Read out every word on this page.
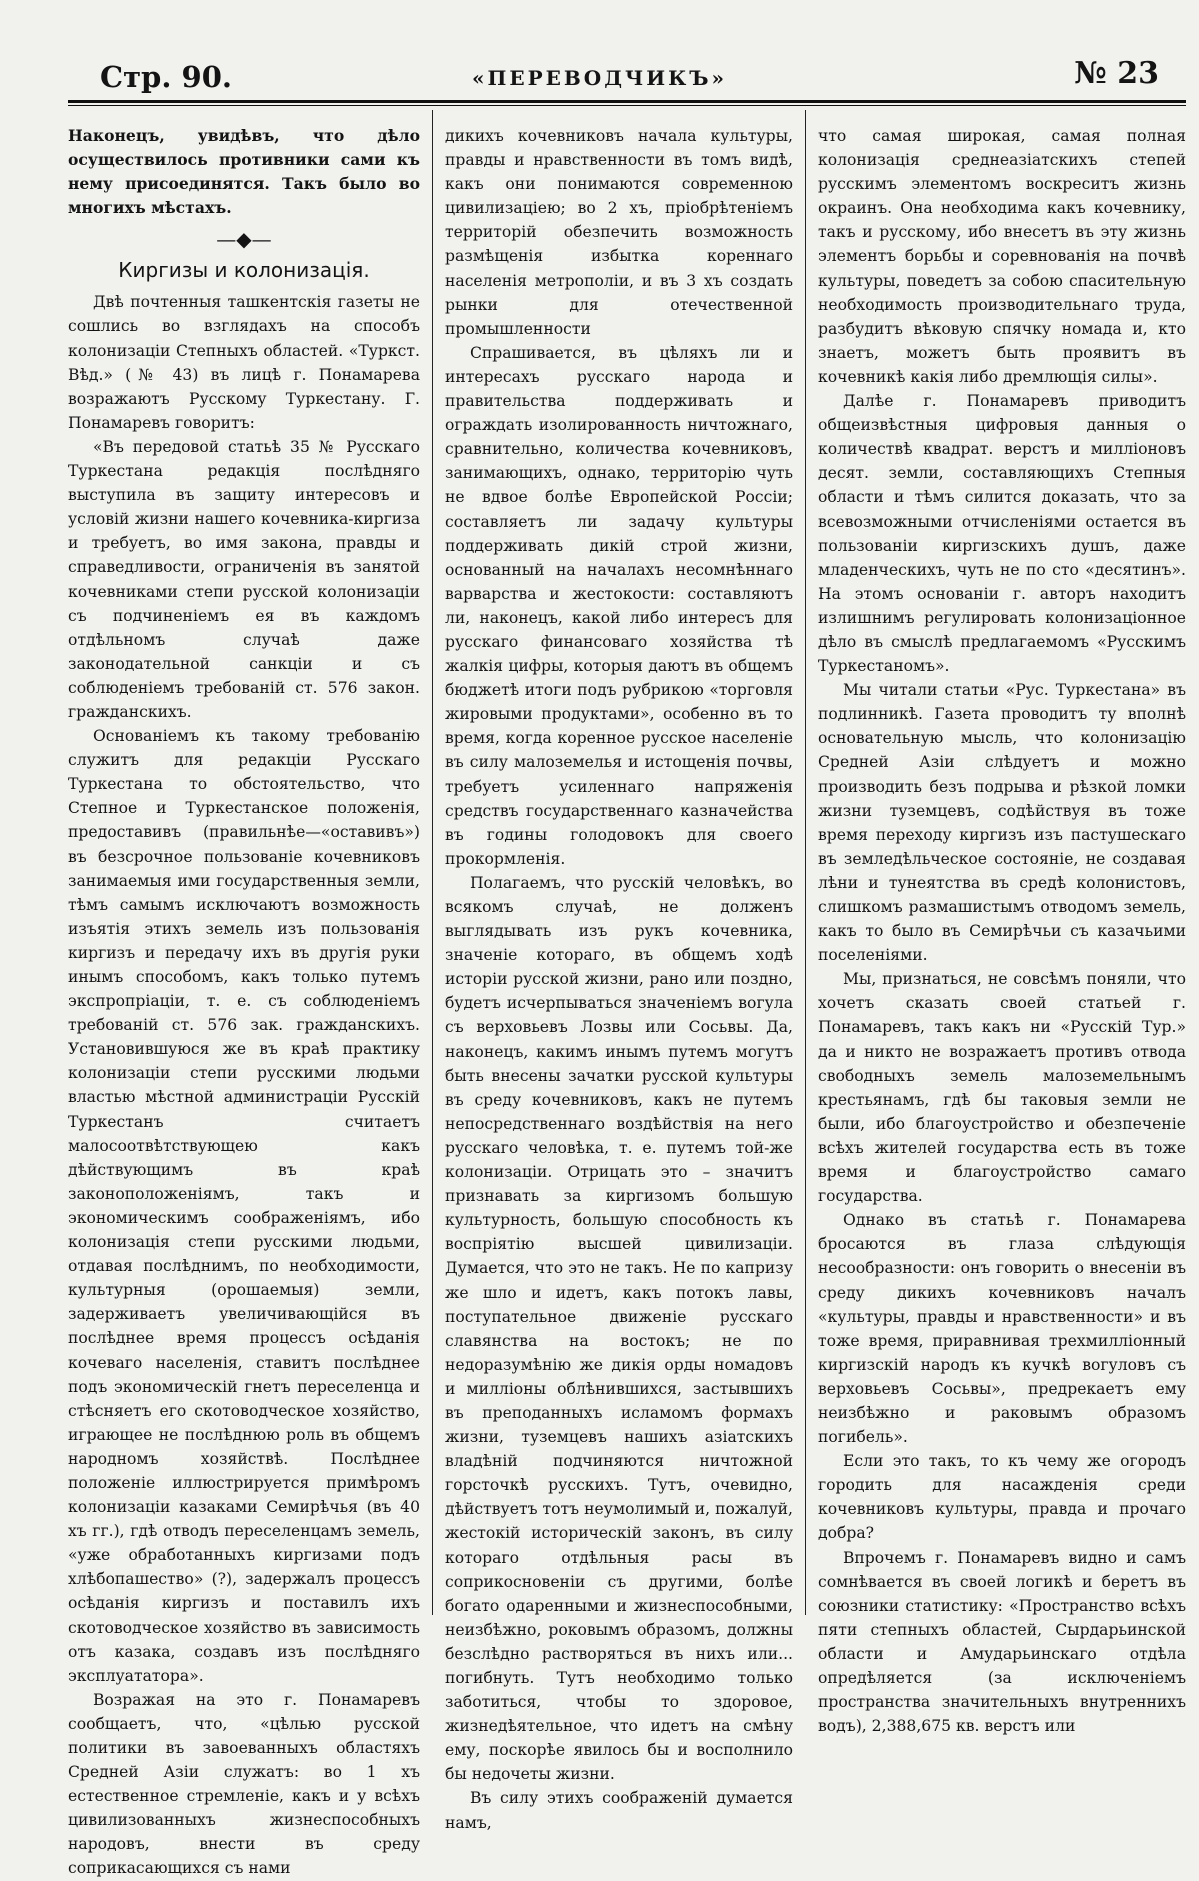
Стр. 90.	«ПЕРЕВОДЧИКЪ»	№ 23

Наконецъ, увидѣвъ, что дѣло осуществилось противники сами къ нему присоединятся. Такъ было во многихъ мѣстахъ.

—◆—
Киргизы и колонизація.

Двѣ почтенныя ташкентскія газеты не сошлись во взглядахъ на способъ колонизаціи Степныхъ областей. «Туркст. Вѣд.» (№ 43) въ лицѣ г. Понамарева возражаютъ Русскому Туркестану. Г. Понамаревъ говоритъ:

«Въ передовой статьѣ 35 № Русскаго Туркестана редакція послѣдняго выступила въ защиту интересовъ и условій жизни нашего кочевника-киргиза и требуетъ, во имя закона, правды и справедливости, ограниченія въ занятой кочевниками степи русской колонизаціи съ подчиненіемъ ея въ каждомъ отдѣльномъ случаѣ даже законодательной санкціи и съ соблюденіемъ требованій ст. 576 закон. гражданскихъ.

Основаніемъ къ такому требованію служитъ для редакціи Русскаго Туркестана то обстоятельство, что Степное и Туркестанское положенія, предоставивъ (правильнѣе—«оставивъ») въ безсрочное пользованіе кочевниковъ занимаемыя ими государственныя земли, тѣмъ самымъ исключаютъ возможность изъятія этихъ земель изъ пользованія киргизъ и передачу ихъ въ другія руки инымъ способомъ, какъ только путемъ экспропріаціи, т. е. съ соблюденіемъ требованій ст. 576 зак. гражданскихъ. Установившуюся же въ краѣ практику колонизаціи степи русскими людьми властью мѣстной администраціи Русскій Туркестанъ считаетъ малосоотвѣтствующею какъ дѣйствующимъ въ краѣ законоположеніямъ, такъ и экономическимъ соображеніямъ, ибо колонизація степи русскими людьми, отдавая послѣднимъ, по необходимости, культурныя (орошаемыя) земли, задерживаетъ увеличивающійся въ послѣднее время процессъ осѣданія кочеваго населенія, ставитъ послѣднее подъ экономическій гнетъ переселенца и стѣсняетъ его скотоводческое хозяйство, играющее не послѣднюю роль въ общемъ народномъ хозяйствѣ. Послѣднее положеніе иллюстрируется примѣромъ колонизаціи казаками Семирѣчья (въ 40 хъ гг.), гдѣ отводъ переселенцамъ земель, «уже обработанныхъ киргизами подъ хлѣбопашество» (?), задержалъ процессъ осѣданія киргизъ и поставилъ ихъ скотоводческое хозяйство въ зависимость отъ казака, создавъ изъ послѣдняго эксплуататора».

Возражая на это г. Понамаревъ сообщаетъ, что, «цѣлью русской политики въ завоеванныхъ областяхъ Средней Азіи служатъ: во 1 хъ естественное стремленіе, какъ и у всѣхъ цивилизованныхъ жизнеспособныхъ народовъ, внести въ среду соприкасающихся съ нами

дикихъ кочевниковъ начала культуры, правды и нравственности въ томъ видѣ, какъ они понимаются современною цивилизаціею; во 2 хъ, пріобрѣтеніемъ территорій обезпечить возможность размѣщенія избытка кореннаго населенія метрополіи, и въ 3 хъ создать рынки для отечественной промышленности

Спрашивается, въ цѣляхъ ли и интересахъ русскаго народа и правительства поддерживать и ограждать изолированность ничтожнаго, сравнительно, количества кочевниковъ, занимающихъ, однако, территорію чуть не вдвое болѣе Европейской Россіи; составляетъ ли задачу культуры поддерживать дикій строй жизни, основанный на началахъ несомнѣннаго варварства и жестокости: составляютъ ли, наконецъ, какой либо интересъ для русскаго финансоваго хозяйства тѣ жалкія цифры, которыя даютъ въ общемъ бюджетѣ итоги подъ рубрикою «торговля жировыми продуктами», особенно въ то время, когда коренное русское населеніе въ силу малоземелья и истощенія почвы, требуетъ усиленнаго напряженія средствъ государственнаго казначейства въ годины голодовокъ для своего прокормленія.

Полагаемъ, что русскій человѣкъ, во всякомъ случаѣ, не долженъ выглядывать изъ рукъ кочевника, значеніе котораго, въ общемъ ходѣ исторіи русской жизни, рано или поздно, будетъ исчерпываться значеніемъ вогула съ верховьевъ Лозвы или Сосьвы. Да, наконецъ, какимъ инымъ путемъ могутъ быть внесены зачатки русской культуры въ среду кочевниковъ, какъ не путемъ непосредственнаго воздѣйствія на него русскаго человѣка, т. е. путемъ той-же колонизаціи. Отрицать это – значитъ признавать за киргизомъ большую культурность, большую способность къ воспріятію высшей цивилизаціи. Думается, что это не такъ. Не по капризу же шло и идетъ, какъ потокъ лавы, поступательное движеніе русскаго славянства на востокъ; не по недоразумѣнію же дикія орды номадовъ и милліоны облѣнившихся, застывшихъ въ преподанныхъ исламомъ формахъ жизни, туземцевъ нашихъ азіатскихъ владѣній подчиняются ничтожной горсточкѣ русскихъ. Тутъ, очевидно, дѣйствуетъ тотъ неумолимый и, пожалуй, жестокій историческій законъ, въ силу котораго отдѣльныя расы въ соприкосновеніи съ другими, болѣе богато одаренными и жизнеспособными, неизбѣжно, роковымъ образомъ, должны безслѣдно растворяться въ нихъ или... погибнуть. Тутъ необходимо только заботиться, чтобы то здоровое, жизнедѣятельное, что идетъ на смѣну ему, поскорѣе явилось бы и восполнило бы недочеты жизни.

Въ силу этихъ соображеній думается намъ,

что самая широкая, самая полная колонизація среднеазіатскихъ степей русскимъ элементомъ воскреситъ жизнь окраинъ. Она необходима какъ кочевнику, такъ и русскому, ибо внесетъ въ эту жизнь элементъ борьбы и соревнованія на почвѣ культуры, поведетъ за собою спасительную необходимость производительнаго труда, разбудитъ вѣковую спячку номада и, кто знаетъ, можетъ быть проявитъ въ кочевникѣ какія либо дремлющія силы».

Далѣе г. Понамаревъ приводитъ общеизвѣстныя цифровыя данныя о количествѣ квадрат. верстъ и милліоновъ десят. земли, составляющихъ Степныя области и тѣмъ силится доказать, что за всевозможными отчисленіями остается въ пользованіи киргизскихъ душъ, даже младенческихъ, чуть не по сто «десятинъ». На этомъ основаніи г. авторъ находитъ излишнимъ регулировать колонизаціонное дѣло въ смыслѣ предлагаемомъ «Русскимъ Туркестаномъ».

Мы читали статьи «Рус. Туркестана» въ подлинникѣ. Газета проводитъ ту вполнѣ основательную мысль, что колонизацію Средней Азіи слѣдуетъ и можно производить безъ подрыва и рѣзкой ломки жизни туземцевъ, содѣйствуя въ тоже время переходу киргизъ изъ пастушескаго въ земледѣльческое состояніе, не создавая лѣни и тунеятства въ средѣ колонистовъ, слишкомъ размашистымъ отводомъ земель, какъ то было въ Семирѣчьи съ казачьими поселеніями.

Мы, признаться, не совсѣмъ поняли, что хочетъ сказать своей статьей г. Понамаревъ, такъ какъ ни «Русскій Тур.» да и никто не возражаетъ противъ отвода свободныхъ земель малоземельнымъ крестьянамъ, гдѣ бы таковыя земли не были, ибо благоустройство и обезпеченіе всѣхъ жителей государства есть въ тоже время и благоустройство самаго государства.

Однако въ статьѣ г. Понамарева бросаются въ глаза слѣдующія несообразности: онъ говорить о внесеніи въ среду дикихъ кочевниковъ началъ «культуры, правды и нравственности» и въ тоже время, приравнивая трехмилліонный киргизскій народъ къ кучкѣ вогуловъ съ верховьевъ Сосьвы», предрекаетъ ему неизбѣжно и раковымъ образомъ погибель».

Если это такъ, то къ чему же огородъ городить для насажденія среди кочевниковъ культуры, правда и прочаго добра?

Впрочемъ г. Понамаревъ видно и самъ сомнѣвается въ своей логикѣ и беретъ въ союзники статистику: «Пространство всѣхъ пяти степныхъ областей, Сырдарьинской области и Амударьинскаго отдѣла опредѣляется (за исключеніемъ пространства значительныхъ внутреннихъ водъ), 2,388,675 кв. верстъ или
